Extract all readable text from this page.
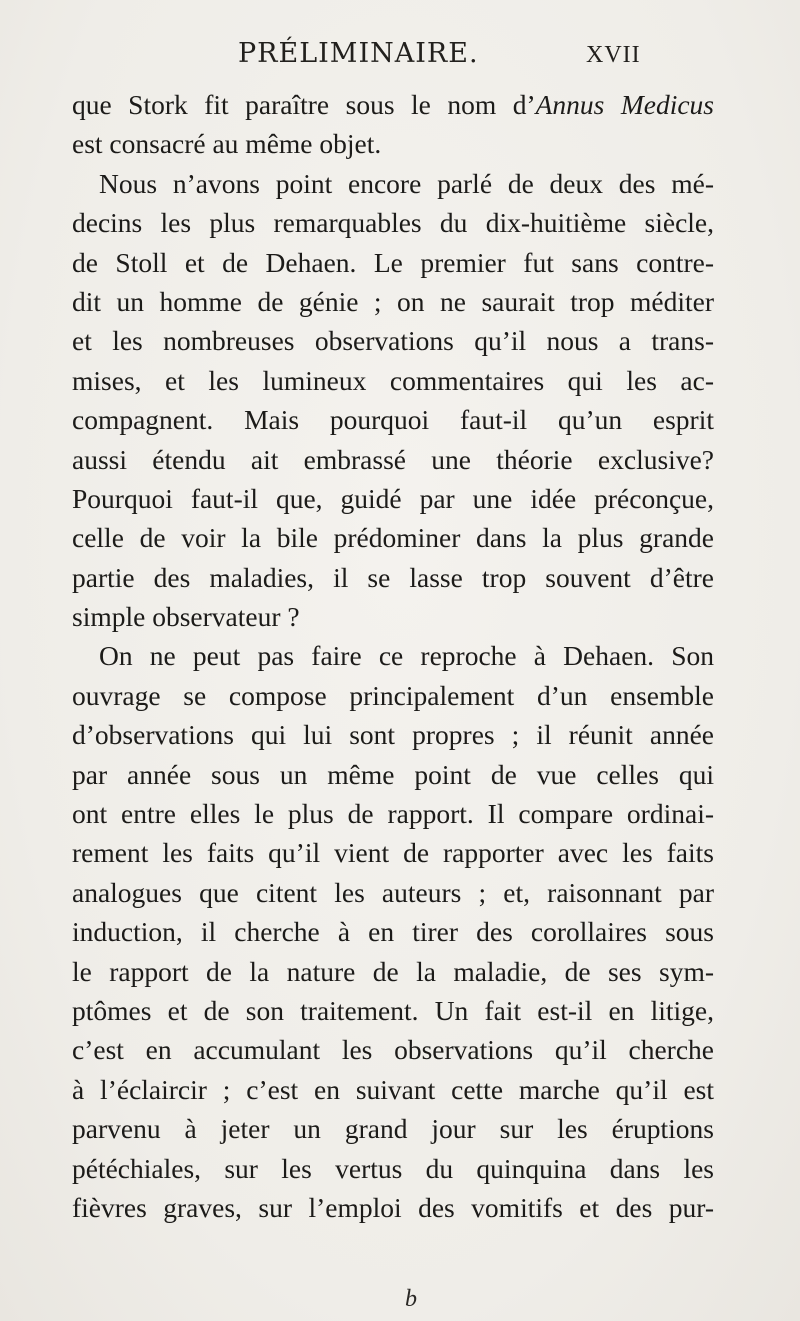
PRÉLIMINAIRE.	XVII
que Stork fit paraître sous le nom d’Annus Medicus
est consacré au même objet.
Nous n’avons point encore parlé de deux des mé-
decins les plus remarquables du dix-huitième siècle,
de Stoll et de Dehaen. Le premier fut sans contre-
dit un homme de génie ; on ne saurait trop méditer
et les nombreuses observations qu’il nous a trans-
mises, et les lumineux commentaires qui les ac-
compagnent. Mais pourquoi faut-il qu’un esprit
aussi étendu ait embrassé une théorie exclusive?
Pourquoi faut-il que, guidé par une idée préconçue,
celle de voir la bile prédominer dans la plus grande
partie des maladies, il se lasse trop souvent d’être
simple observateur ?
On ne peut pas faire ce reproche à Dehaen. Son
ouvrage se compose principalement d’un ensemble
d’observations qui lui sont propres ; il réunit année
par année sous un même point de vue celles qui
ont entre elles le plus de rapport. Il compare ordinai-
rement les faits qu’il vient de rapporter avec les faits
analogues que citent les auteurs ; et, raisonnant par
induction, il cherche à en tirer des corollaires sous
le rapport de la nature de la maladie, de ses sym-
ptômes et de son traitement. Un fait est-il en litige,
c’est en accumulant les observations qu’il cherche
à l’éclaircir ; c’est en suivant cette marche qu’il est
parvenu à jeter un grand jour sur les éruptions
pétéchiales, sur les vertus du quinquina dans les
fièvres graves, sur l’emploi des vomitifs et des pur-
b
